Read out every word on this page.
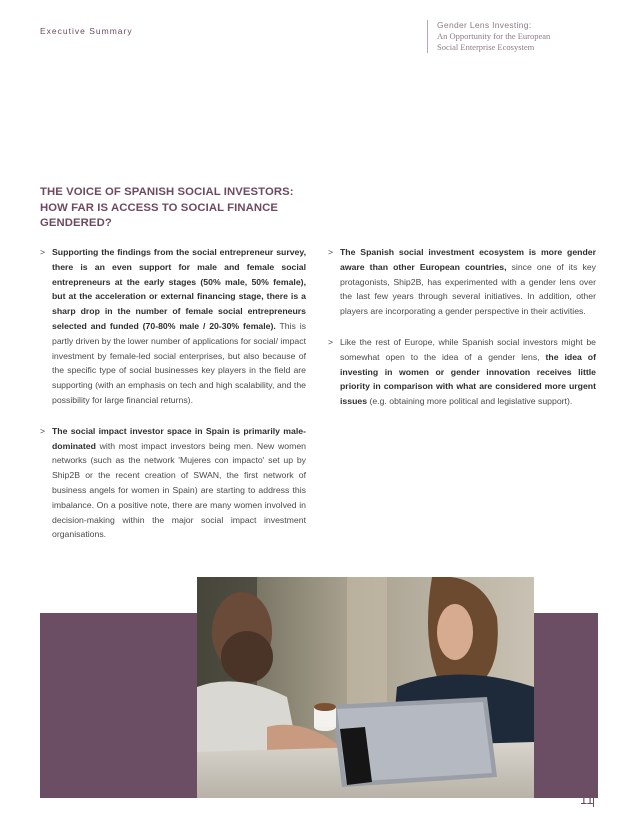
Executive Summary
Gender Lens Investing:
An Opportunity for the European
Social Enterprise Ecosystem
THE VOICE OF SPANISH SOCIAL INVESTORS:
HOW FAR IS ACCESS TO SOCIAL FINANCE
GENDERED?
> Supporting the findings from the social entrepreneur survey, there is an even support for male and female social entrepreneurs at the early stages (50% male, 50% female), but at the acceleration or external financing stage, there is a sharp drop in the number of female social entrepreneurs selected and funded (70-80% male / 20-30% female). This is partly driven by the lower number of applications for social/ impact investment by female-led social enterprises, but also because of the specific type of social businesses key players in the field are supporting (with an emphasis on tech and high scalability, and the possibility for large financial returns).
> The social impact investor space in Spain is primarily male-dominated with most impact investors being men. New women networks (such as the network 'Mujeres con impacto' set up by Ship2B or the recent creation of SWAN, the first network of business angels for women in Spain) are starting to address this imbalance. On a positive note, there are many women involved in decision-making within the major social impact investment organisations.
> The Spanish social investment ecosystem is more gender aware than other European countries, since one of its key protagonists, Ship2B, has experimented with a gender lens over the last few years through several initiatives. In addition, other players are incorporating a gender perspective in their activities.
> Like the rest of Europe, while Spanish social investors might be somewhat open to the idea of a gender lens, the idea of investing in women or gender innovation receives little priority in comparison with what are considered more urgent issues (e.g. obtaining more political and legislative support).
11
